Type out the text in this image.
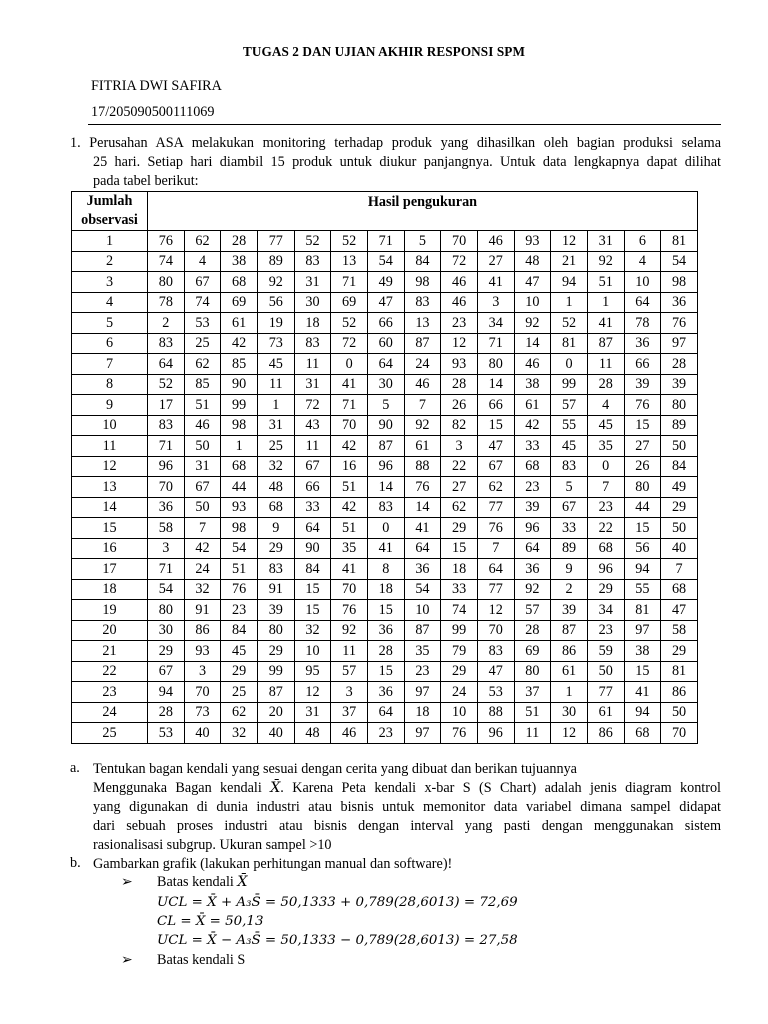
TUGAS 2 DAN UJIAN AKHIR RESPONSI SPM
FITRIA DWI SAFIRA
17/205090500111069
1. Perusahan ASA melakukan monitoring terhadap produk yang dihasilkan oleh bagian produksi selama
25 hari. Setiap hari diambil 15 produk untuk diukur panjangnya. Untuk data lengkapnya dapat dilihat
pada tabel berikut:
Jumlah
observasi	Hasil pengukuran														
1	76	62	28	77	52	52	71	5	70	46	93	12	31	6	81
2	74	4	38	89	83	13	54	84	72	27	48	21	92	4	54
3	80	67	68	92	31	71	49	98	46	41	47	94	51	10	98
4	78	74	69	56	30	69	47	83	46	3	10	1	1	64	36
5	2	53	61	19	18	52	66	13	23	34	92	52	41	78	76
6	83	25	42	73	83	72	60	87	12	71	14	81	87	36	97
7	64	62	85	45	11	0	64	24	93	80	46	0	11	66	28
8	52	85	90	11	31	41	30	46	28	14	38	99	28	39	39
9	17	51	99	1	72	71	5	7	26	66	61	57	4	76	80
10	83	46	98	31	43	70	90	92	82	15	42	55	45	15	89
11	71	50	1	25	11	42	87	61	3	47	33	45	35	27	50
12	96	31	68	32	67	16	96	88	22	67	68	83	0	26	84
13	70	67	44	48	66	51	14	76	27	62	23	5	7	80	49
14	36	50	93	68	33	42	83	14	62	77	39	67	23	44	29
15	58	7	98	9	64	51	0	41	29	76	96	33	22	15	50
16	3	42	54	29	90	35	41	64	15	7	64	89	68	56	40
17	71	24	51	83	84	41	8	36	18	64	36	9	96	94	7
18	54	32	76	91	15	70	18	54	33	77	92	2	29	55	68
19	80	91	23	39	15	76	15	10	74	12	57	39	34	81	47
20	30	86	84	80	32	92	36	87	99	70	28	87	23	97	58
21	29	93	45	29	10	11	28	35	79	83	69	86	59	38	29
22	67	3	29	99	95	57	15	23	29	47	80	61	50	15	81
23	94	70	25	87	12	3	36	97	24	53	37	1	77	41	86
24	28	73	62	20	31	37	64	18	10	88	51	30	61	94	50
25	53	40	32	40	48	46	23	97	76	96	11	12	86	68	70
a. Tentukan bagan kendali yang sesuai dengan cerita yang dibuat dan berikan tujuannya
Menggunaka Bagan kendali X̄. Karena Peta kendali x-bar S (S Chart) adalah jenis diagram kontrol
yang digunakan di dunia industri atau bisnis untuk memonitor data variabel dimana sampel didapat
dari sebuah proses industri atau bisnis dengan interval yang pasti dengan menggunakan sistem
rasionalisasi subgrup. Ukuran sampel >10
b. Gambarkan grafik (lakukan perhitungan manual dan software)!
➢ Batas kendali X̄
UCL = X̄ + A₃S̄ = 50,1333 + 0,789(28,6013) = 72,69
CL = X̄ = 50,13
UCL = X̄ − A₃S̄ = 50,1333 − 0,789(28,6013) = 27,58
➢ Batas kendali S
